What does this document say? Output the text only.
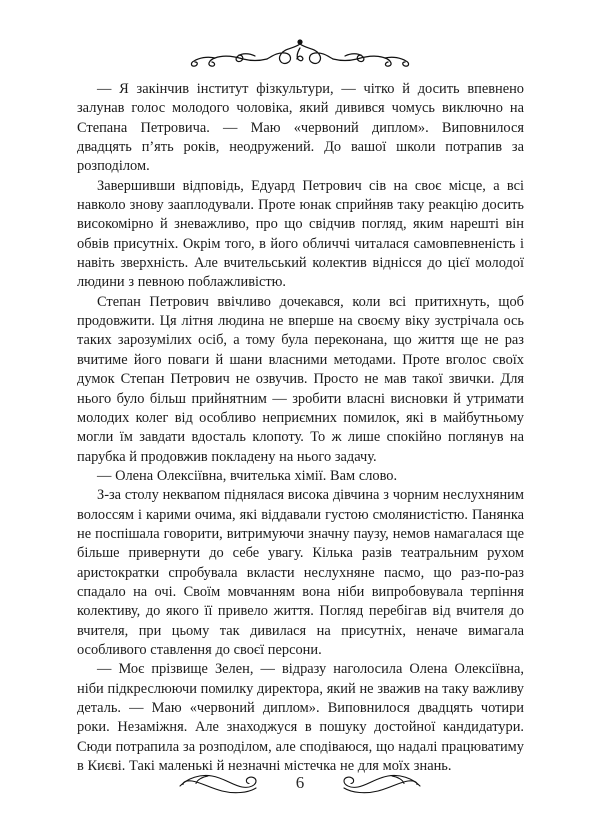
— Я закінчив інститут фізкультури, — чітко й досить впевнено залунав голос молодого чоловіка, який дивився чомусь виключно на Степана Петровича. — Маю «червоний диплом». Виповнилося двадцять п’ять років, неодружений. До вашої школи потрапив за розподілом.

Завершивши відповідь, Едуард Петрович сів на своє місце, а всі навколо знову зааплодували. Проте юнак сприйняв таку реакцію досить високомірно й зневажливо, про що свідчив погляд, яким нарешті він обвів присутніх. Окрім того, в його обличчі читалася самовпевненість і навіть зверхність. Але вчительський колектив віднісся до цієї молодої людини з певною поблажливістю.

Степан Петрович ввічливо дочекався, коли всі притихнуть, щоб продовжити. Ця літня людина не вперше на своєму віку зустрічала ось таких зарозумілих осіб, а тому була переконана, що життя ще не раз вчитиме його поваги й шани власними методами. Проте вголос своїх думок Степан Петрович не озвучив. Просто не мав такої звички. Для нього було більш прийнятним — зробити власні висновки й утримати молодих колег від особливо неприємних помилок, які в майбутньому могли їм завдати вдосталь клопоту. То ж лише спокійно поглянув на парубка й продовжив покладену на нього задачу.

— Олена Олексіївна, вчителька хімії. Вам слово.

З-за столу неквапом піднялася висока дівчина з чорним неслухняним волоссям і карими очима, які віддавали густою смолянистістю. Панянка не поспішала говорити, витримуючи значну паузу, немов намагалася ще більше привернути до себе увагу. Кілька разів театральним рухом аристократки спробувала вкласти неслухняне пасмо, що раз-по-раз спадало на очі. Своїм мовчанням вона ніби випробовувала терпіння колективу, до якого її привело життя. Погляд перебігав від вчителя до вчителя, при цьому так дивилася на присутніх, неначе вимагала особливого ставлення до своєї персони.

— Моє прізвище Зелен, — відразу наголосила Олена Олексіївна, ніби підкреслюючи помилку директора, який не зважив на таку важливу деталь. — Маю «червоний диплом». Виповнилося двадцять чотири роки. Незаміжня. Але знаходжуся в пошуку достойної кандидатури. Сюди потрапила за розподілом, але сподіваюся, що надалі працюватиму в Києві. Такі маленькі й незначні містечка не для моїх знань.

6
